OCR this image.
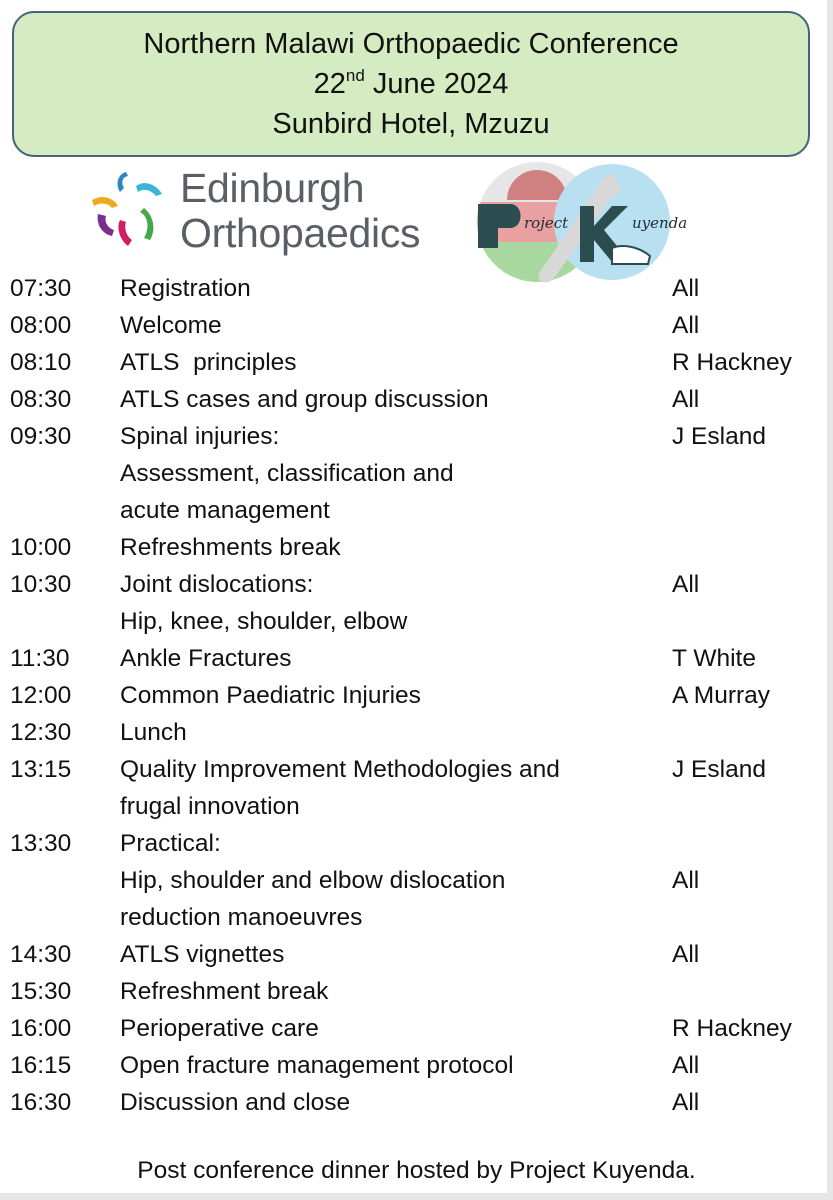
Northern Malawi Orthopaedic Conference
22nd June 2024
Sunbird Hotel, Mzuzu
Edinburgh
Orthopaedics	roject	uyenda
07:30 Registration	All
08:00 Welcome	All
08:10 ATLS  principles	R Hackney
08:30 ATLS cases and group discussion	All
09:30 Spinal injuries:	J Esland
Assessment, classification and
acute management
10:00 Refreshments break
10:30 Joint dislocations:	All
Hip, knee, shoulder, elbow
11:30 Ankle Fractures	T White
12:00 Common Paediatric Injuries	A Murray
12:30 Lunch
13:15 Quality Improvement Methodologies and	J Esland
frugal innovation
13:30 Practical:
Hip, shoulder and elbow dislocation	All
reduction manoeuvres
14:30 ATLS vignettes	All
15:30 Refreshment break
16:00 Perioperative care	R Hackney
16:15 Open fracture management protocol	All
16:30 Discussion and close	All
Post conference dinner hosted by Project Kuyenda.
